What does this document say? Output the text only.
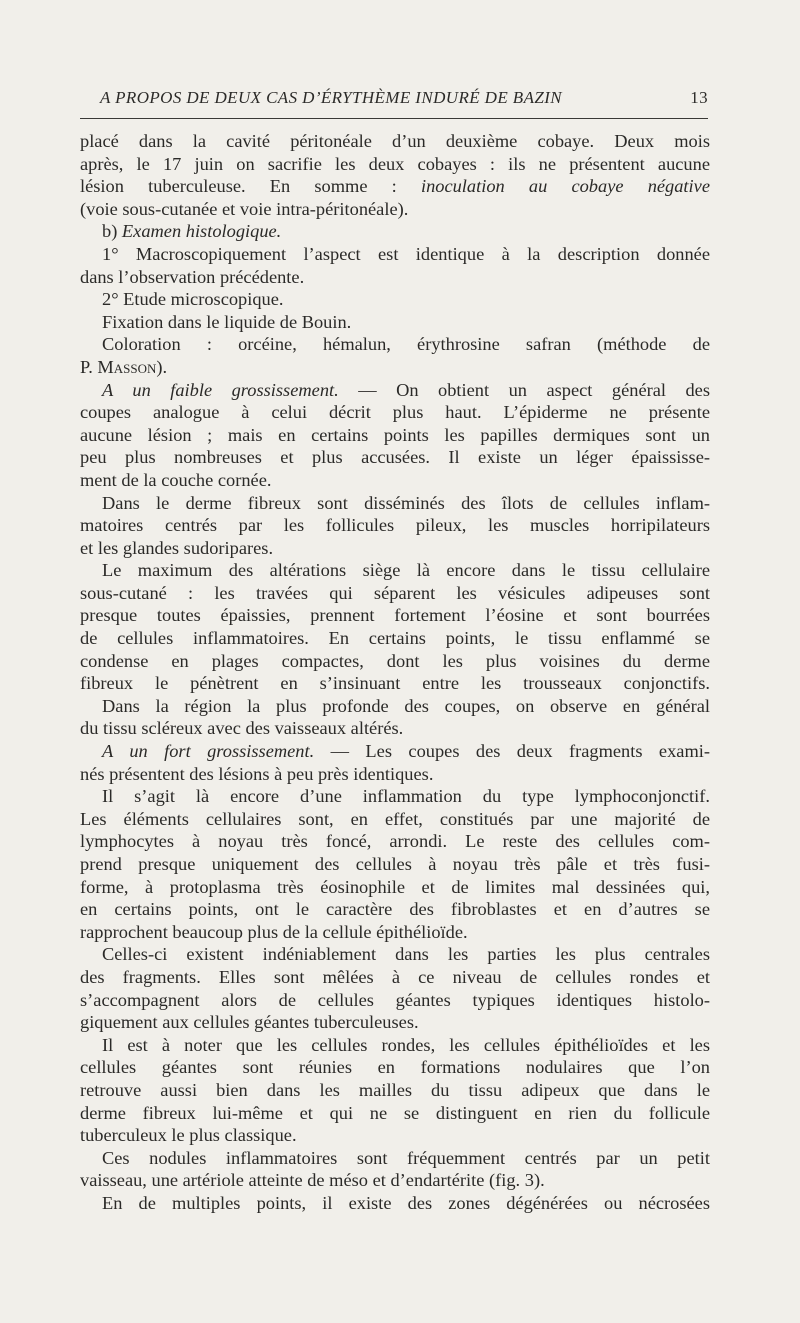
A PROPOS DE DEUX CAS D’ÉRYTHÈME INDURÉ DE BAZIN	13
placé dans la cavité péritonéale d’un deuxième cobaye. Deux mois
après, le 17 juin on sacrifie les deux cobayes : ils ne présentent aucune
lésion tuberculeuse. En somme : inoculation au cobaye négative
(voie sous-cutanée et voie intra-péritonéale).
b) Examen histologique.
1° Macroscopiquement l’aspect est identique à la description donnée
dans l’observation précédente.
2° Etude microscopique.
Fixation dans le liquide de Bouin.
Coloration : orcéine, hémalun, érythrosine safran (méthode de
P. Masson).
A un faible grossissement. — On obtient un aspect général des
coupes analogue à celui décrit plus haut. L’épiderme ne présente
aucune lésion ; mais en certains points les papilles dermiques sont un
peu plus nombreuses et plus accusées. Il existe un léger épaississe-
ment de la couche cornée.
Dans le derme fibreux sont disséminés des îlots de cellules inflam-
matoires centrés par les follicules pileux, les muscles horripilateurs
et les glandes sudoripares.
Le maximum des altérations siège là encore dans le tissu cellulaire
sous-cutané : les travées qui séparent les vésicules adipeuses sont
presque toutes épaissies, prennent fortement l’éosine et sont bourrées
de cellules inflammatoires. En certains points, le tissu enflammé se
condense en plages compactes, dont les plus voisines du derme
fibreux le pénètrent en s’insinuant entre les trousseaux conjonctifs.
Dans la région la plus profonde des coupes, on observe en général
du tissu scléreux avec des vaisseaux altérés.
A un fort grossissement. — Les coupes des deux fragments exami-
nés présentent des lésions à peu près identiques.
Il s’agit là encore d’une inflammation du type lymphoconjonctif.
Les éléments cellulaires sont, en effet, constitués par une majorité de
lymphocytes à noyau très foncé, arrondi. Le reste des cellules com-
prend presque uniquement des cellules à noyau très pâle et très fusi-
forme, à protoplasma très éosinophile et de limites mal dessinées qui,
en certains points, ont le caractère des fibroblastes et en d’autres se
rapprochent beaucoup plus de la cellule épithélioïde.
Celles-ci existent indéniablement dans les parties les plus centrales
des fragments. Elles sont mêlées à ce niveau de cellules rondes et
s’accompagnent alors de cellules géantes typiques identiques histolo-
giquement aux cellules géantes tuberculeuses.
Il est à noter que les cellules rondes, les cellules épithélioïdes et les
cellules géantes sont réunies en formations nodulaires que l’on
retrouve aussi bien dans les mailles du tissu adipeux que dans le
derme fibreux lui-même et qui ne se distinguent en rien du follicule
tuberculeux le plus classique.
Ces nodules inflammatoires sont fréquemment centrés par un petit
vaisseau, une artériole atteinte de méso et d’endartérite (fig. 3).
En de multiples points, il existe des zones dégénérées ou nécrosées
